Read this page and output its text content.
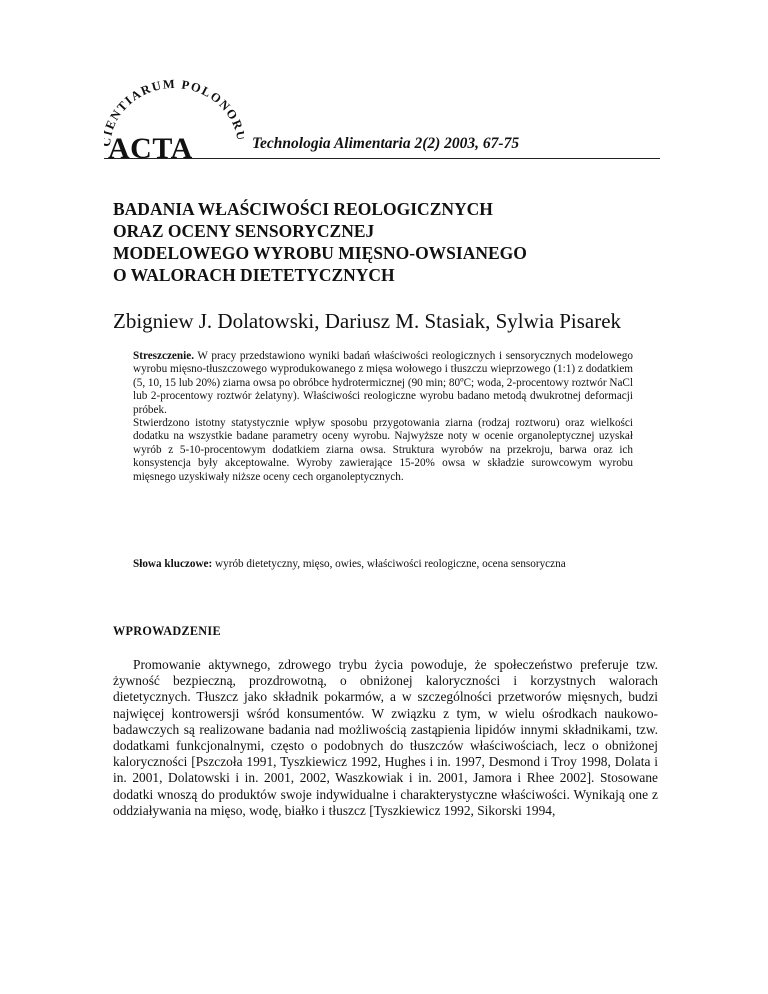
ENTIARUM POLONO
ACTA	Technologia Alimentaria 2(2) 2003, 67-75
BADANIA WŁAŚCIWOŚCI REOLOGICZNYCH
ORAZ OCENY SENSORYCZNEJ
MODELOWEGO WYROBU MIĘSNO-OWSIANEGO
O WALORACH DIETETYCZNYCH
Zbigniew J. Dolatowski, Dariusz M. Stasiak, Sylwia Pisarek

Streszczenie. W pracy przedstawiono wyniki badań właściwości reologicznych i sensorycznych modelowego wyrobu mięsno-tłuszczowego wyprodukowanego z mięsa wołowego i tłuszczu wieprzowego (1:1) z dodatkiem (5, 10, 15 lub 20%) ziarna owsa po obróbce hydrotermicznej (90 min; 80ºC; woda, 2-procentowy roztwór NaCl lub 2-procentowy roztwór żelatyny). Właściwości reologiczne wyrobu badano metodą dwukrotnej deformacji próbek.

Stwierdzono istotny statystycznie wpływ sposobu przygotowania ziarna (rodzaj roztworu) oraz wielkości dodatku na wszystkie badane parametry oceny wyrobu. Najwyższe noty w ocenie organoleptycznej uzyskał wyrób z 5-10-procentowym dodatkiem ziarna owsa. Struktura wyrobów na przekroju, barwa oraz ich konsystencja były akceptowalne. Wyroby zawierające 15-20% owsa w składzie surowcowym wyrobu mięsnego uzyskiwały niższe oceny cech organoleptycznych.

Słowa kluczowe: wyrób dietetyczny, mięso, owies, właściwości reologiczne, ocena sensoryczna
WPROWADZENIE

Promowanie aktywnego, zdrowego trybu życia powoduje, że społeczeństwo preferuje tzw. żywność bezpieczną, prozdrowotną, o obniżonej kaloryczności i korzystnych walorach dietetycznych. Tłuszcz jako składnik pokarmów, a w szczególności przetworów mięsnych, budzi najwięcej kontrowersji wśród konsumentów. W związku z tym, w wielu ośrodkach naukowo-badawczych są realizowane badania nad możliwością zastąpienia lipidów innymi składnikami, tzw. dodatkami funkcjonalnymi, często o podobnych do tłuszczów właściwościach, lecz o obniżonej kaloryczności [Pszczoła 1991, Tyszkiewicz 1992, Hughes i in. 1997, Desmond i Troy 1998, Dolata i in. 2001, Dolatowski i in. 2001, 2002, Waszkowiak i in. 2001, Jamora i Rhee 2002]. Stosowane dodatki wnoszą do produktów swoje indywidualne i charakterystyczne właściwości. Wynikają one z oddziaływania na mięso, wodę, białko i tłuszcz [Tyszkiewicz 1992, Sikorski 1994,
